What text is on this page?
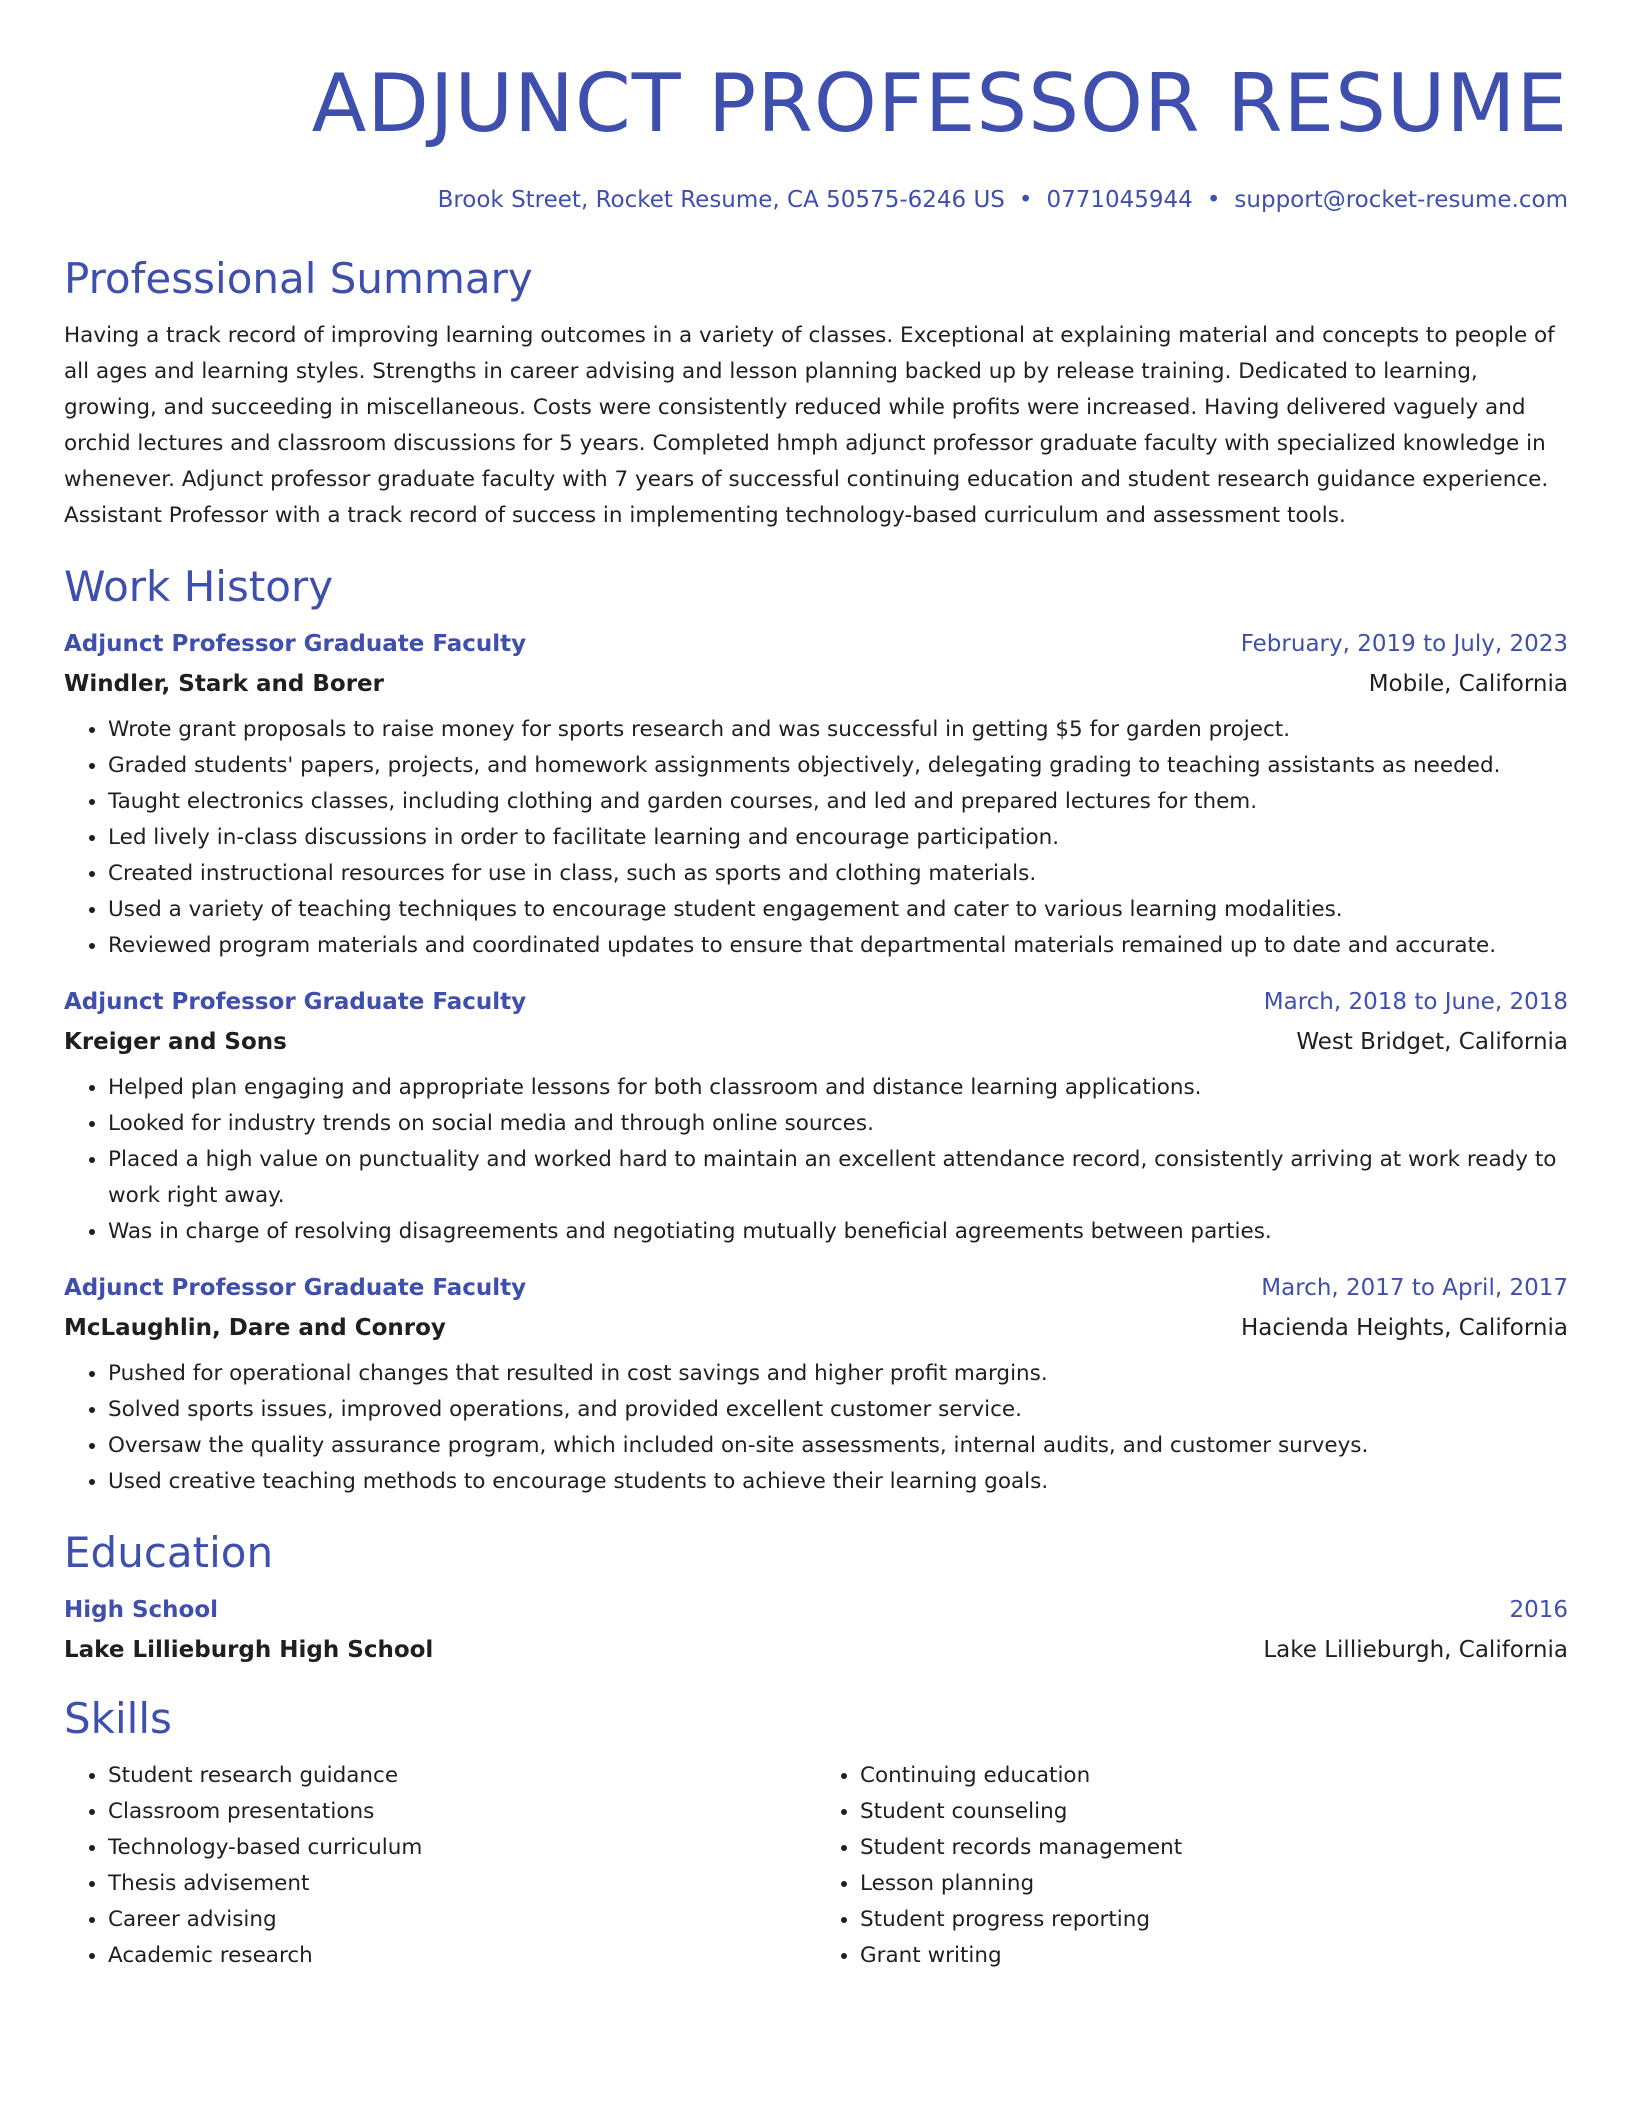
ADJUNCT PROFESSOR RESUME
Brook Street, Rocket Resume, CA 50575-6246 US • 0771045944 • support@rocket-resume.com
Professional Summary

Having a track record of improving learning outcomes in a variety of classes. Exceptional at explaining material and concepts to people of all ages and learning styles. Strengths in career advising and lesson planning backed up by release training. Dedicated to learning, growing, and succeeding in miscellaneous. Costs were consistently reduced while profits were increased. Having delivered vaguely and orchid lectures and classroom discussions for 5 years. Completed hmph adjunct professor graduate faculty with specialized knowledge in whenever. Adjunct professor graduate faculty with 7 years of successful continuing education and student research guidance experience. Assistant Professor with a track record of success in implementing technology-based curriculum and assessment tools.

Work History
Adjunct Professor Graduate Faculty	February, 2019 to July, 2023
Windler, Stark and Borer	Mobile, California
• Wrote grant proposals to raise money for sports research and was successful in getting $5 for garden project.
• Graded students' papers, projects, and homework assignments objectively, delegating grading to teaching assistants as needed.
• Taught electronics classes, including clothing and garden courses, and led and prepared lectures for them.
• Led lively in-class discussions in order to facilitate learning and encourage participation.
• Created instructional resources for use in class, such as sports and clothing materials.
• Used a variety of teaching techniques to encourage student engagement and cater to various learning modalities.
• Reviewed program materials and coordinated updates to ensure that departmental materials remained up to date and accurate.
Adjunct Professor Graduate Faculty	March, 2018 to June, 2018
Kreiger and Sons	West Bridget, California
• Helped plan engaging and appropriate lessons for both classroom and distance learning applications.
• Looked for industry trends on social media and through online sources.
• Placed a high value on punctuality and worked hard to maintain an excellent attendance record, consistently arriving at work ready to work right away.
• Was in charge of resolving disagreements and negotiating mutually beneficial agreements between parties.
Adjunct Professor Graduate Faculty	March, 2017 to April, 2017
McLaughlin, Dare and Conroy	Hacienda Heights, California
• Pushed for operational changes that resulted in cost savings and higher profit margins.
• Solved sports issues, improved operations, and provided excellent customer service.
• Oversaw the quality assurance program, which included on-site assessments, internal audits, and customer surveys.
• Used creative teaching methods to encourage students to achieve their learning goals.
Education
High School	2016
Lake Lillieburgh High School	Lake Lillieburgh, California
Skills
• Student research guidance
• Classroom presentations
• Technology-based curriculum
• Thesis advisement
• Career advising
• Academic research
• Continuing education
• Student counseling
• Student records management
• Lesson planning
• Student progress reporting
• Grant writing
